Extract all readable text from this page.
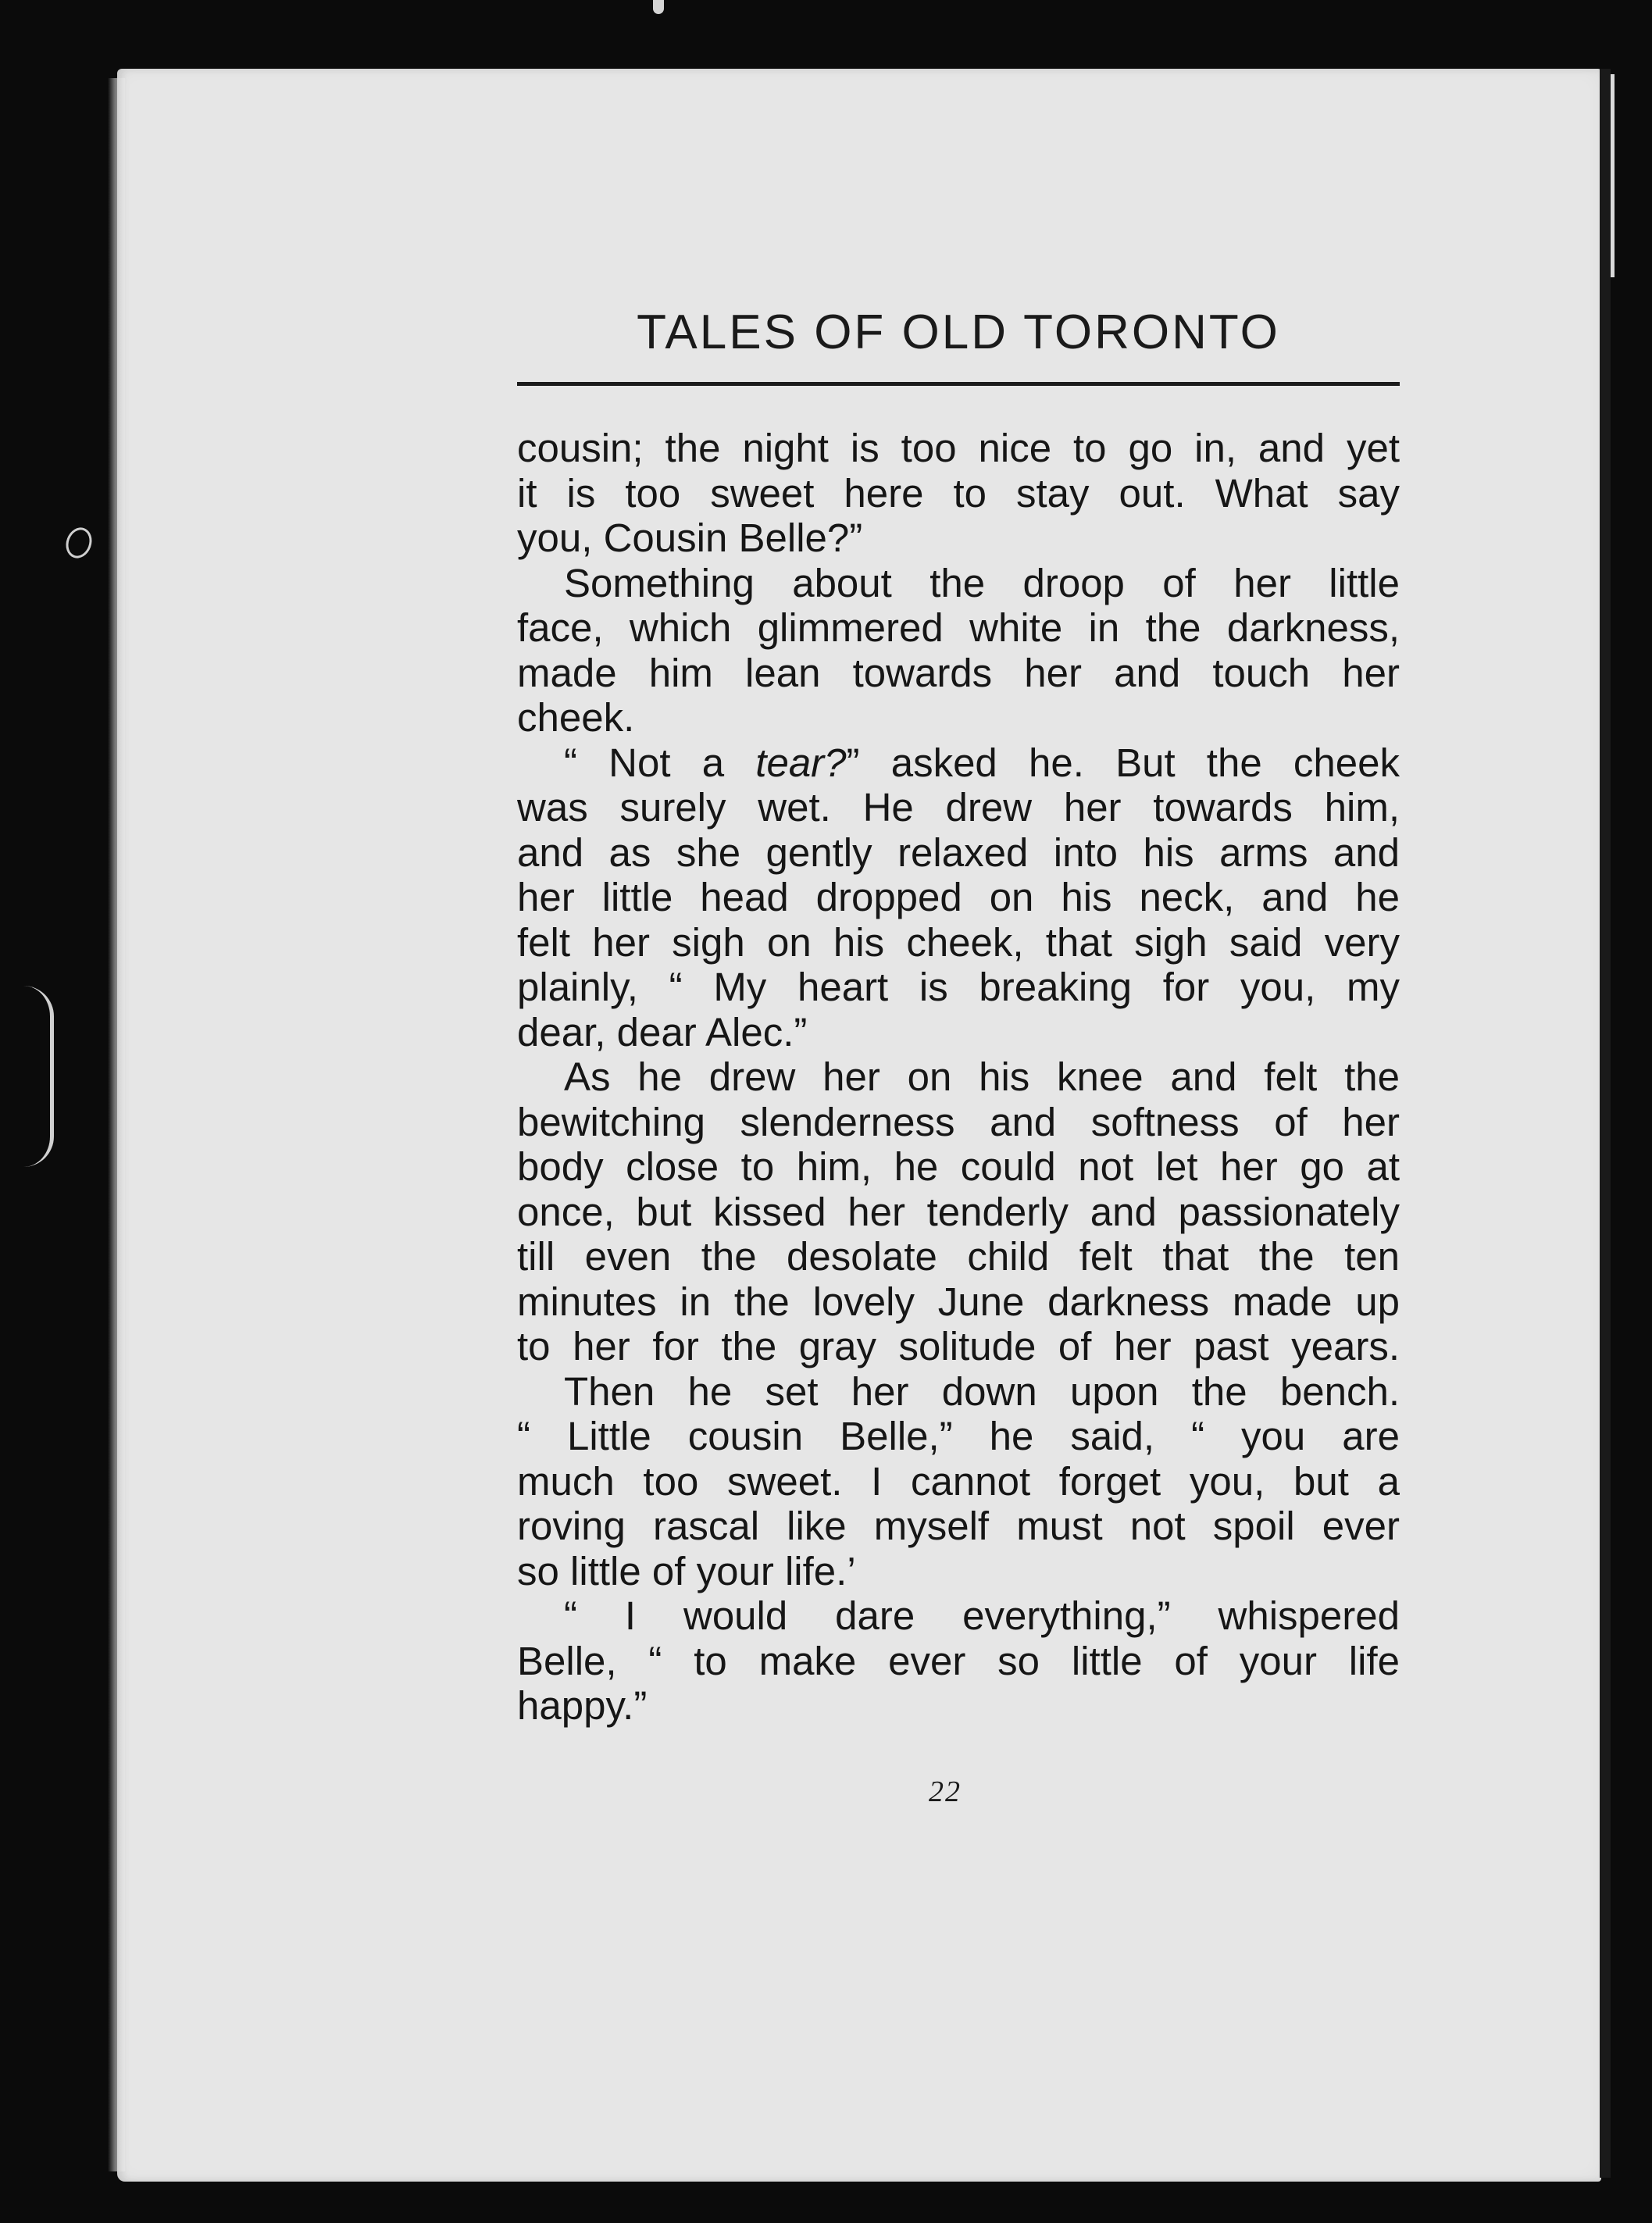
TALES OF OLD TORONTO
cousin; the night is too nice to go in, and yet
it is too sweet here to stay out. What say
you, Cousin Belle?”
Something about the droop of her little
face, which glimmered white in the darkness,
made him lean towards her and touch her
cheek.
“ Not a tear?” asked he. But the cheek
was surely wet. He drew her towards him,
and as she gently relaxed into his arms and
her little head dropped on his neck, and he
felt her sigh on his cheek, that sigh said very
plainly, “ My heart is breaking for you, my
dear, dear Alec.”
As he drew her on his knee and felt the
bewitching slenderness and softness of her
body close to him, he could not let her go at
once, but kissed her tenderly and passionately
till even the desolate child felt that the ten
minutes in the lovely June darkness made up
to her for the gray solitude of her past years.
Then he set her down upon the bench.
“ Little cousin Belle,” he said, “ you are
much too sweet. I cannot forget you, but a
roving rascal like myself must not spoil ever
so little of your life.’
“ I would dare everything,” whispered
Belle, “ to make ever so little of your life
happy.”
22
